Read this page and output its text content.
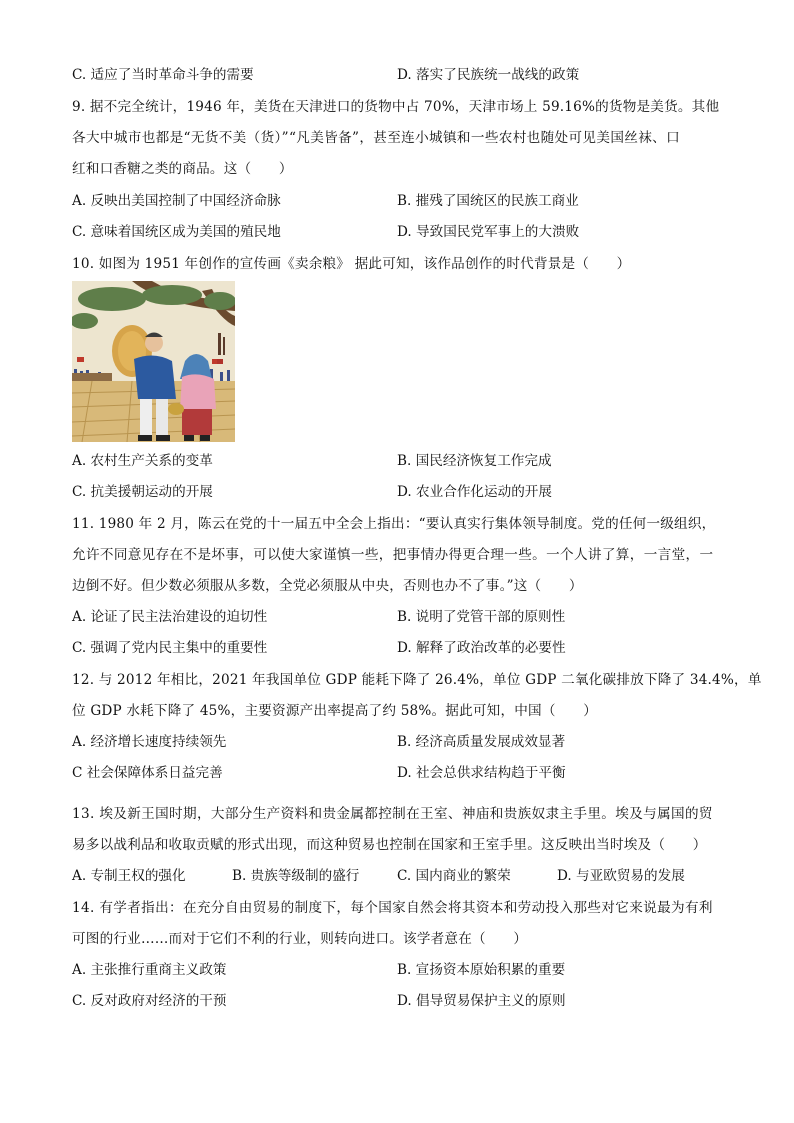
C. 适应了当时革命斗争的需要	D. 落实了民族统一战线的政策
9. 据不完全统计，1946 年，美货在天津进口的货物中占 70%，天津市场上 59.16%的货物是美货。其他
各大中城市也都是“无货不美（货）”“凡美皆备”，甚至连小城镇和一些农村也随处可见美国丝袜、口
红和口香糖之类的商品。这（　　）
A. 反映出美国控制了中国经济命脉	B. 摧残了国统区的民族工商业
C. 意味着国统区成为美国的殖民地	D. 导致国民党军事上的大溃败
10. 如图为 1951 年创作的宣传画《卖余粮》 据此可知，该作品创作的时代背景是（　　）
A. 农村生产关系的变革	B. 国民经济恢复工作完成
C. 抗美援朝运动的开展	D. 农业合作化运动的开展
11. 1980 年 2 月，陈云在党的十一届五中全会上指出：“要认真实行集体领导制度。党的任何一级组织，
允许不同意见存在不是坏事，可以使大家谨慎一些，把事情办得更合理一些。一个人讲了算，一言堂，一
边倒不好。但少数必须服从多数，全党必须服从中央，否则也办不了事。”这（　　）
A. 论证了民主法治建设的迫切性	B. 说明了党管干部的原则性
C. 强调了党内民主集中的重要性	D. 解释了政治改革的必要性
12. 与 2012 年相比，2021 年我国单位 GDP 能耗下降了 26.4%，单位 GDP 二氧化碳排放下降了 34.4%，单
位 GDP 水耗下降了 45%，主要资源产出率提高了约 58%。据此可知，中国（　　）
A. 经济增长速度持续领先	B. 经济高质量发展成效显著
C 社会保障体系日益完善	D. 社会总供求结构趋于平衡
13. 埃及新王国时期，大部分生产资料和贵金属都控制在王室、神庙和贵族奴隶主手里。埃及与属国的贸
易多以战利品和收取贡赋的形式出现，而这种贸易也控制在国家和王室手里。这反映出当时埃及（　　）
A. 专制王权的强化	B. 贵族等级制的盛行	C. 国内商业的繁荣	D. 与亚欧贸易的发展
14. 有学者指出：在充分自由贸易的制度下，每个国家自然会将其资本和劳动投入那些对它来说最为有利
可图的行业……而对于它们不利的行业，则转向进口。该学者意在（　　）
A. 主张推行重商主义政策	B. 宣扬资本原始积累的重要
C. 反对政府对经济的干预	D. 倡导贸易保护主义的原则
